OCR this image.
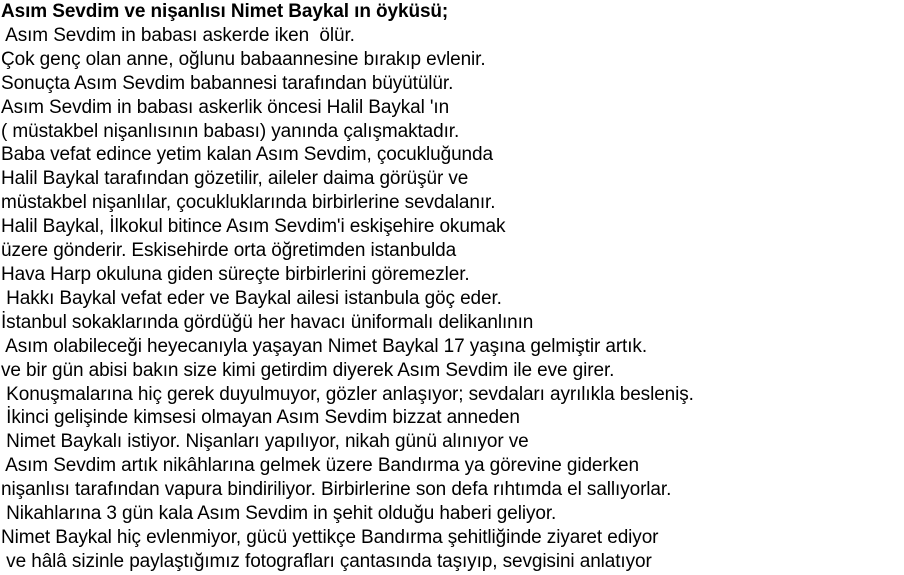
Asım Sevdim ve nişanlısı Nimet Baykal ın öyküsü;

Asım Sevdim in babası askerde iken  ölür.
Çok genç olan anne, oğlunu babaannesine bırakıp evlenir.
Sonuçta Asım Sevdim babannesi tarafından büyütülür.
Asım Sevdim in babası askerlik öncesi Halil Baykal 'ın
( müstakbel nişanlısının babası) yanında çalışmaktadır.
Baba vefat edince yetim kalan Asım Sevdim, çocukluğunda
Halil Baykal tarafından gözetilir, aileler daima görüşür ve
müstakbel nişanlılar, çocukluklarında birbirlerine sevdalanır.
Halil Baykal, İlkokul bitince Asım Sevdim'i eskişehire okumak
üzere gönderir. Eskisehirde orta öğretimden istanbulda
Hava Harp okuluna giden süreçte birbirlerini göremezler.
Hakkı Baykal vefat eder ve Baykal ailesi istanbula göç eder.
İstanbul sokaklarında gördüğü her havacı üniformalı delikanlının
Asım olabileceği heyecanıyla yaşayan Nimet Baykal 17 yaşına gelmiştir artık.
ve bir gün abisi bakın size kimi getirdim diyerek Asım Sevdim ile eve girer.
Konuşmalarına hiç gerek duyulmuyor, gözler anlaşıyor; sevdaları ayrılıkla besleniş.
İkinci gelişinde kimsesi olmayan Asım Sevdim bizzat anneden
Nimet Baykalı istiyor. Nişanları yapılıyor, nikah günü alınıyor ve
Asım Sevdim artık nikâhlarına gelmek üzere Bandırma ya görevine giderken
nişanlısı tarafından vapura bindiriliyor. Birbirlerine son defa rıhtımda el sallıyorlar.
Nikahlarına 3 gün kala Asım Sevdim in şehit olduğu haberi geliyor.
Nimet Baykal hiç evlenmiyor, gücü yettikçe Bandırma şehitliğinde ziyaret ediyor
ve hâlâ sizinle paylaştığımız fotografları çantasında taşıyıp, sevgisini anlatıyor
